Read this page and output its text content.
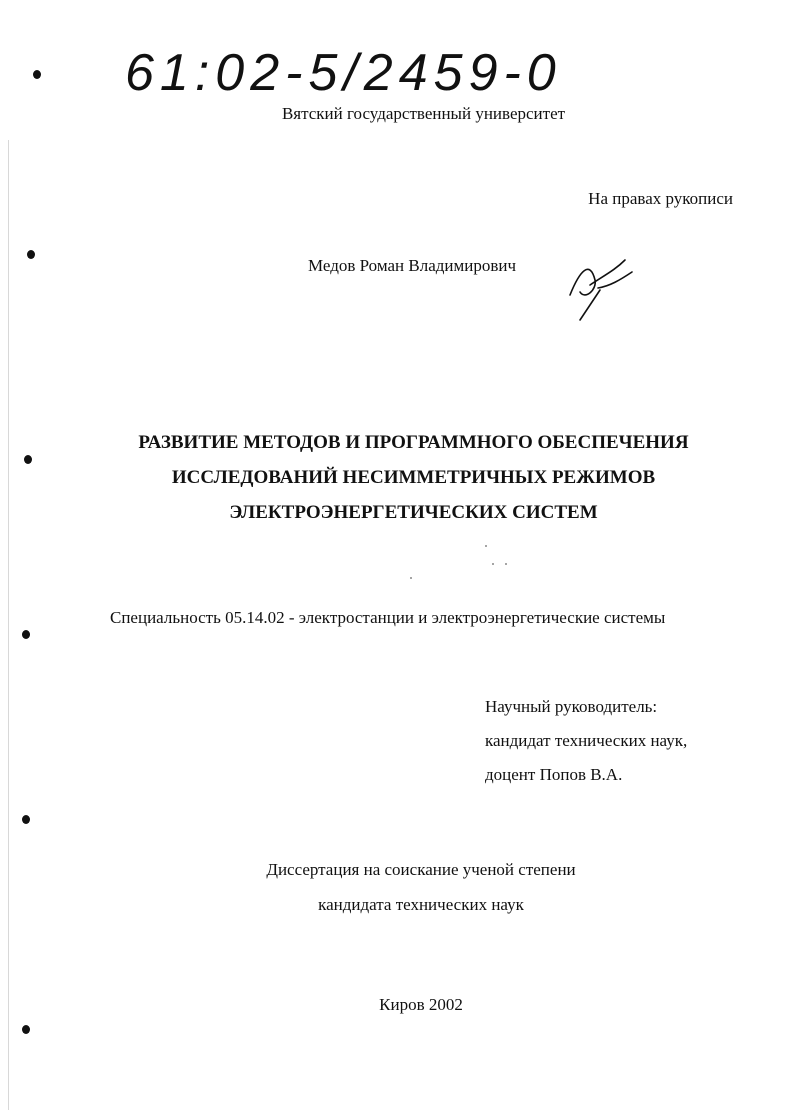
61:02-5/2459-0
Вятский государственный университет
На правах рукописи
Медов Роман Владимирович
РАЗВИТИЕ МЕТОДОВ И ПРОГРАММНОГО ОБЕСПЕЧЕНИЯ
ИССЛЕДОВАНИЙ НЕСИММЕТРИЧНЫХ РЕЖИМОВ
ЭЛЕКТРОЭНЕРГЕТИЧЕСКИХ СИСТЕМ
Специальность 05.14.02 - электростанции и электроэнергетические системы
Научный руководитель:
кандидат технических наук,
доцент Попов В.А.
Диссертация на соискание ученой степени
кандидата технических наук
Киров 2002
